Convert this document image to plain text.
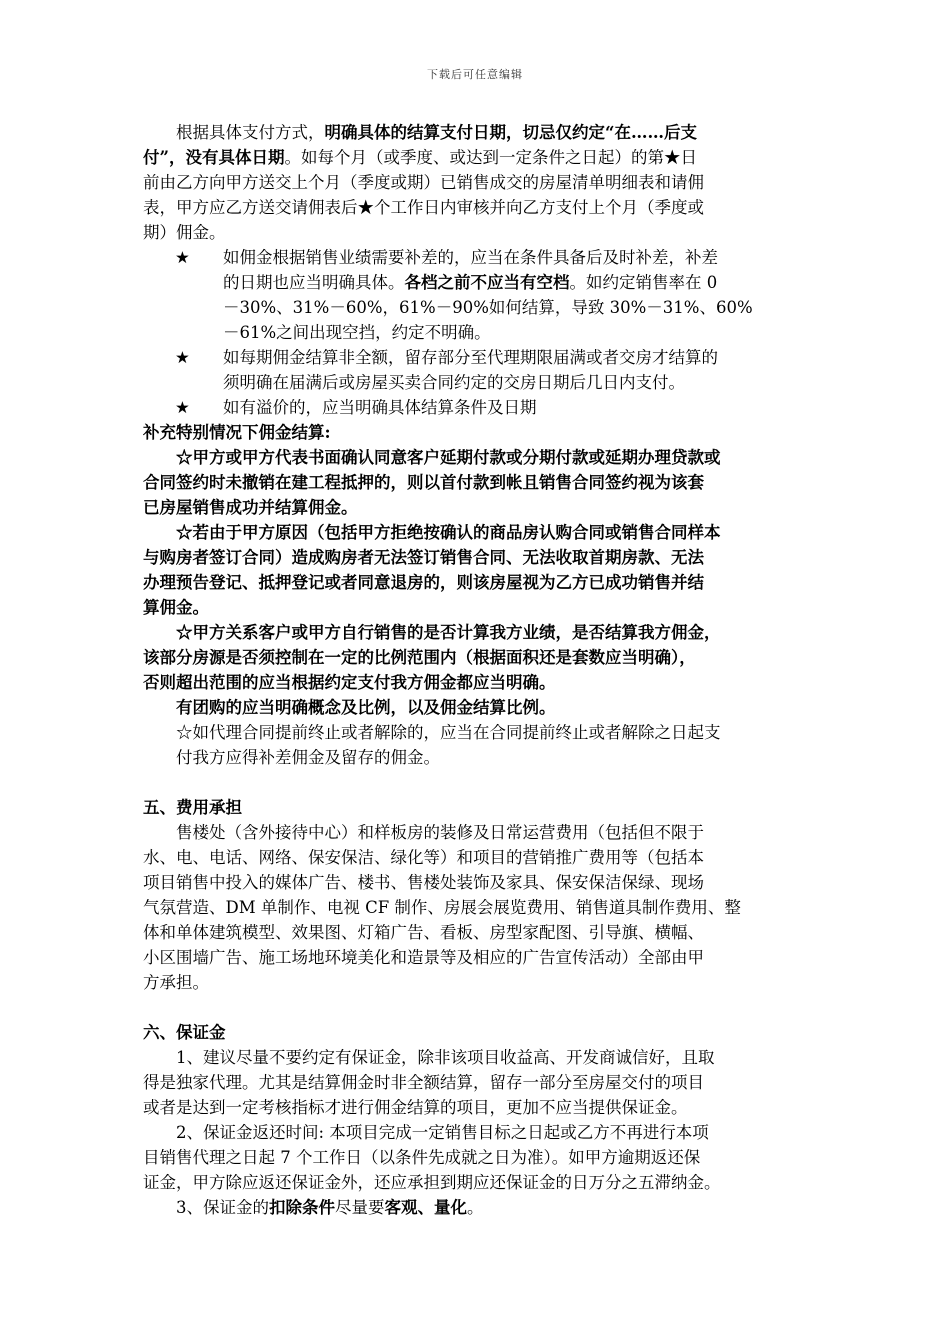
下载后可任意编辑
根据具体支付方式，明确具体的结算支付日期，切忌仅约定“在……后支
付”，没有具体日期。如每个月（或季度、或达到一定条件之日起）的第★日
前由乙方向甲方送交上个月（季度或期）已销售成交的房屋清单明细表和请佣
表，甲方应乙方送交请佣表后★个工作日内审核并向乙方支付上个月（季度或
期）佣金。
★	如佣金根据销售业绩需要补差的，应当在条件具备后及时补差，补差
的日期也应当明确具体。各档之前不应当有空档。如约定销售率在 0
－30%、31%－60%，61%－90%如何结算，导致 30%－31%、60%
－61%之间出现空挡，约定不明确。
★	如每期佣金结算非全额，留存部分至代理期限届满或者交房才结算的
须明确在届满后或房屋买卖合同约定的交房日期后几日内支付。
★	如有溢价的，应当明确具体结算条件及日期
补充特别情况下佣金结算:
☆甲方或甲方代表书面确认同意客户延期付款或分期付款或延期办理贷款或
合同签约时未撤销在建工程抵押的，则以首付款到帐且销售合同签约视为该套
已房屋销售成功并结算佣金。
☆若由于甲方原因（包括甲方拒绝按确认的商品房认购合同或销售合同样本
与购房者签订合同）造成购房者无法签订销售合同、无法收取首期房款、无法
办理预告登记、抵押登记或者同意退房的，则该房屋视为乙方已成功销售并结
算佣金。
☆甲方关系客户或甲方自行销售的是否计算我方业绩，是否结算我方佣金，
该部分房源是否须控制在一定的比例范围内（根据面积还是套数应当明确），
否则超出范围的应当根据约定支付我方佣金都应当明确。
有团购的应当明确概念及比例，以及佣金结算比例。
☆如代理合同提前终止或者解除的，应当在合同提前终止或者解除之日起支
付我方应得补差佣金及留存的佣金。
五、费用承担
售楼处（含外接待中心）和样板房的装修及日常运营费用（包括但不限于
水、电、电话、网络、保安保洁、绿化等）和项目的营销推广费用等（包括本
项目销售中投入的媒体广告、楼书、售楼处装饰及家具、保安保洁保绿、现场
气氛营造、DM 单制作、电视 CF 制作、房展会展览费用、销售道具制作费用、整
体和单体建筑模型、效果图、灯箱广告、看板、房型家配图、引导旗、横幅、
小区围墙广告、施工场地环境美化和造景等及相应的广告宣传活动）全部由甲
方承担。
六、保证金
1、建议尽量不要约定有保证金，除非该项目收益高、开发商诚信好，且取
得是独家代理。尤其是结算佣金时非全额结算，留存一部分至房屋交付的项目
或者是达到一定考核指标才进行佣金结算的项目，更加不应当提供保证金。
2、保证金返还时间: 本项目完成一定销售目标之日起或乙方不再进行本项
目销售代理之日起 7 个工作日（以条件先成就之日为准）。如甲方逾期返还保
证金，甲方除应返还保证金外，还应承担到期应还保证金的日万分之五滞纳金。
3、保证金的扣除条件尽量要客观、量化。
